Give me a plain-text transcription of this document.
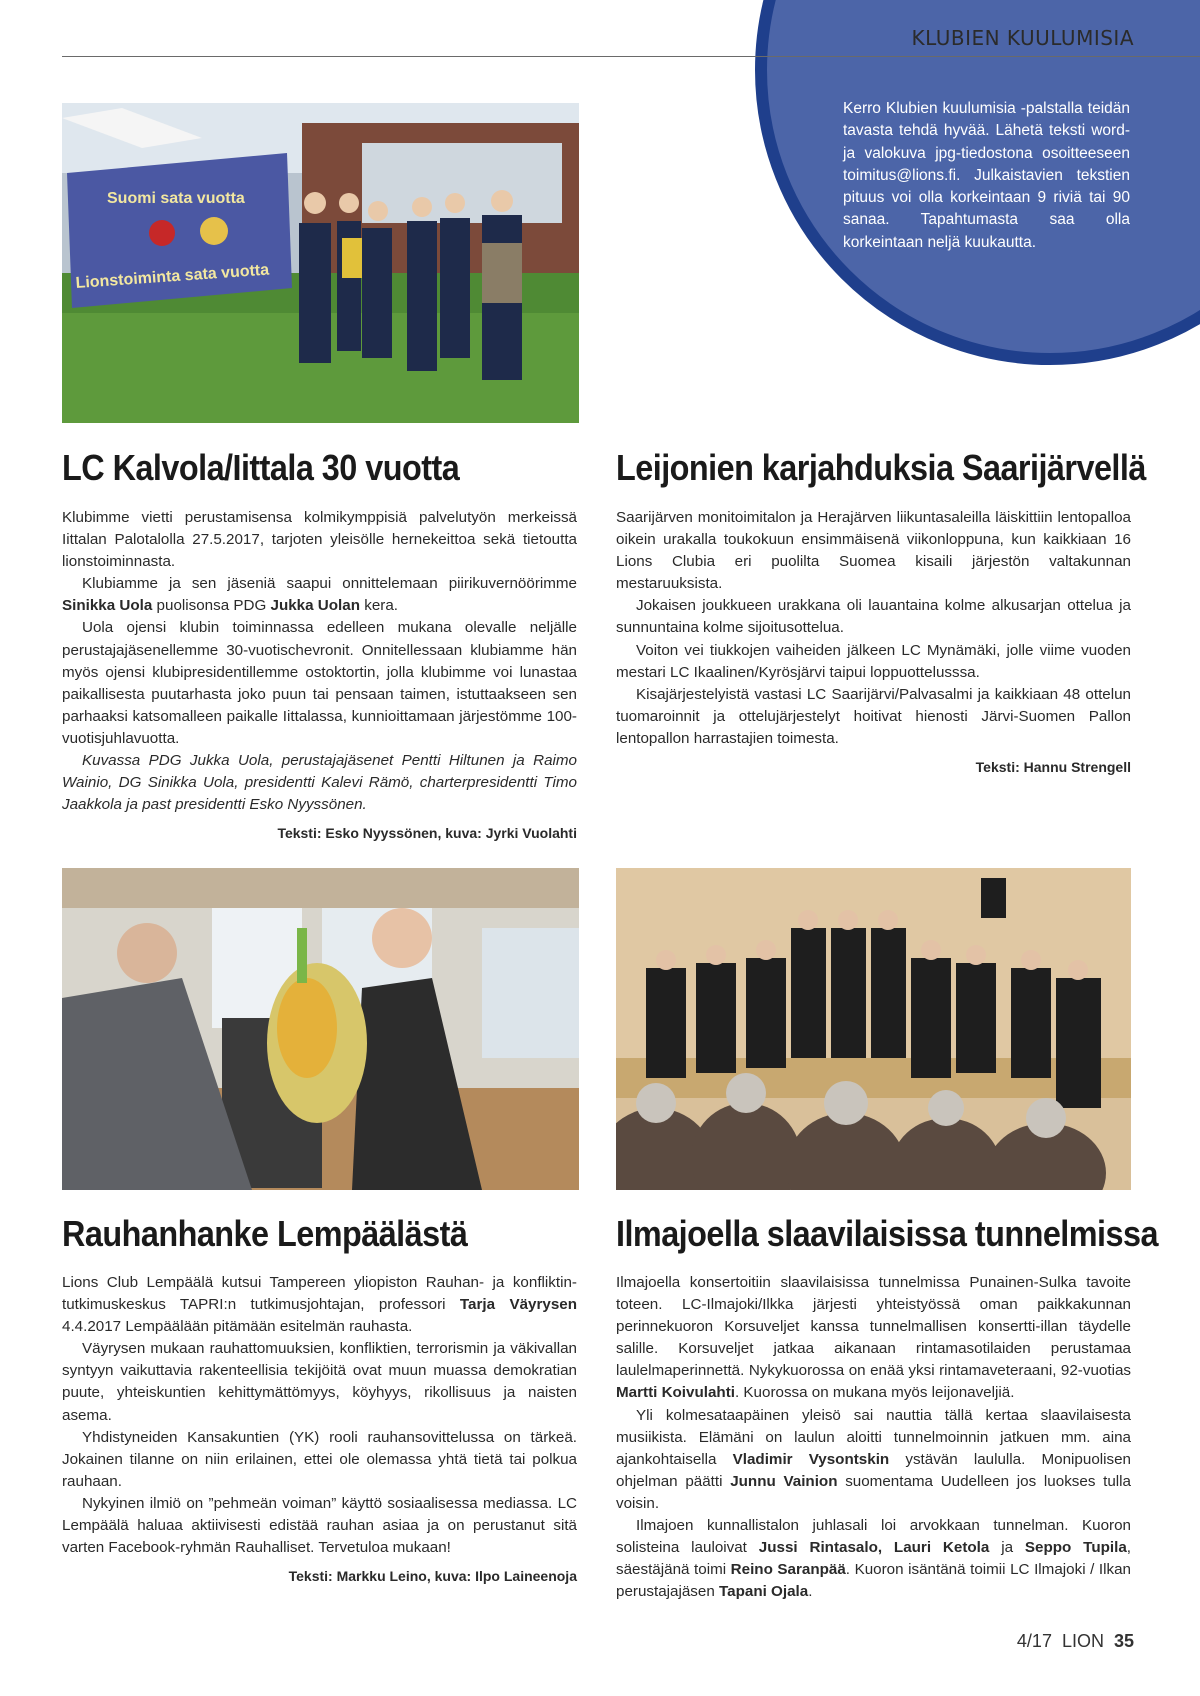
KLUBIEN KUULUMISIA
Kerro Klubien kuulumisia -palstalla teidän tavasta tehdä hyvää. Lähetä teksti word- ja valokuva jpg-tiedostona osoitteeseen toimitus@lions.fi. Julkaistavien tekstien pituus voi olla korkeintaan 9 riviä tai 90 sanaa. Tapahtumasta saa olla korkeintaan neljä kuukautta.
Suomi sata vuotta
Lionstoiminta sata vuotta
LC Kalvola/Iittala 30 vuotta

Klubimme vietti perustamisensa kolmikymppisiä palvelutyön merkeissä Iittalan Palotalolla 27.5.2017, tarjoten yleisölle hernekeittoa sekä tietoutta lionstoiminnasta.

Klubiamme ja sen jäseniä saapui onnittelemaan piirikuvernöörimme Sinikka Uola puolisonsa PDG Jukka Uolan kera.

Uola ojensi klubin toiminnassa edelleen mukana olevalle neljälle perustajajäsenellemme 30-vuotischevronit. Onnitellessaan klubiamme hän myös ojensi klubipresidentillemme ostoktortin, jolla klubimme voi lunastaa paikallisesta puutarhasta joko puun tai pensaan taimen, istuttaakseen sen parhaaksi katsomalleen paikalle Iittalassa, kunnioittamaan järjestömme 100-vuotisjuhlavuotta.

Kuvassa PDG Jukka Uola, perustajajäsenet Pentti Hiltunen ja Raimo Wainio, DG Sinikka Uola, presidentti Kalevi Rämö, charterpresidentti Timo Jaakkola ja past presidentti Esko Nyyssönen.

Teksti: Esko Nyyssönen, kuva: Jyrki Vuolahti
Leijonien karjahduksia Saarijärvellä

Saarijärven monitoimitalon ja Herajärven liikuntasaleilla läiskittiin lentopalloa oikein urakalla toukokuun ensimmäisenä viikonloppuna, kun kaikkiaan 16 Lions Clubia eri puolilta Suomea kisaili järjestön valtakunnan mestaruuksista.

Jokaisen joukkueen urakkana oli lauantaina kolme alkusarjan ottelua ja sunnuntaina kolme sijoitusottelua.

Voiton vei tiukkojen vaiheiden jälkeen LC Mynämäki, jolle viime vuoden mestari LC Ikaalinen/Kyrösjärvi taipui loppuottelusssa.

Kisajärjestelyistä vastasi LC Saarijärvi/Palvasalmi ja kaikkiaan 48 ottelun tuomaroinnit ja ottelujärjestelyt hoitivat hienosti Järvi-Suomen Pallon lentopallon harrastajien toimesta.

Teksti: Hannu Strengell
Rauhanhanke Lempäälästä

Lions Club Lempäälä kutsui Tampereen yliopiston Rauhan- ja konfliktin-tutkimuskeskus TAPRI:n tutkimusjohtajan, professori Tarja Väyrysen 4.4.2017 Lempäälään pitämään esitelmän rauhasta.

Väyrysen mukaan rauhattomuuksien, konfliktien, terrorismin ja väkivallan syntyyn vaikuttavia rakenteellisia tekijöitä ovat muun muassa demokratian puute, yhteiskuntien kehittymättömyys, köyhyys, rikollisuus ja naisten asema.

Yhdistyneiden Kansakuntien (YK) rooli rauhansovittelussa on tärkeä. Jokainen tilanne on niin erilainen, ettei ole olemassa yhtä tietä tai polkua rauhaan.

Nykyinen ilmiö on ”pehmeän voiman” käyttö sosiaalisessa mediassa. LC Lempäälä haluaa aktiivisesti edistää rauhan asiaa ja on perustanut sitä varten Facebook-ryhmän Rauhalliset. Tervetuloa mukaan!

Teksti: Markku Leino, kuva: Ilpo Laineenoja
Ilmajoella slaavilaisissa tunnelmissa

Ilmajoella konsertoitiin slaavilaisissa tunnelmissa Punainen-Sulka tavoite toteen. LC-Ilmajoki/Ilkka järjesti yhteistyössä oman paikkakunnan perinnekuoron Korsuveljet kanssa tunnelmallisen konsertti-illan täydelle salille. Korsuveljet jatkaa aikanaan rintamasotilaiden perustamaa laulelmaperinnettä. Nykykuorossa on enää yksi rintamaveteraani, 92-vuotias Martti Koivulahti. Kuorossa on mukana myös leijonaveljiä.

Yli kolmesataapäinen yleisö sai nauttia tällä kertaa slaavilaisesta musiikista. Elämäni on laulun aloitti tunnelmoinnin jatkuen mm. aina ajankohtaisella Vladimir Vysontskin ystävän laululla. Monipuolisen ohjelman päätti Junnu Vainion suomentama Uudelleen jos luokses tulla voisin.

Ilmajoen kunnallistalon juhlasali loi arvokkaan tunnelman. Kuoron solisteina lauloivat Jussi Rintasalo, Lauri Ketola ja Seppo Tupila, säestäjänä toimi Reino Saranpää. Kuoron isäntänä toimii LC Ilmajoki / Ilkan perustajajäsen Tapani Ojala.

4/17  LION 35
